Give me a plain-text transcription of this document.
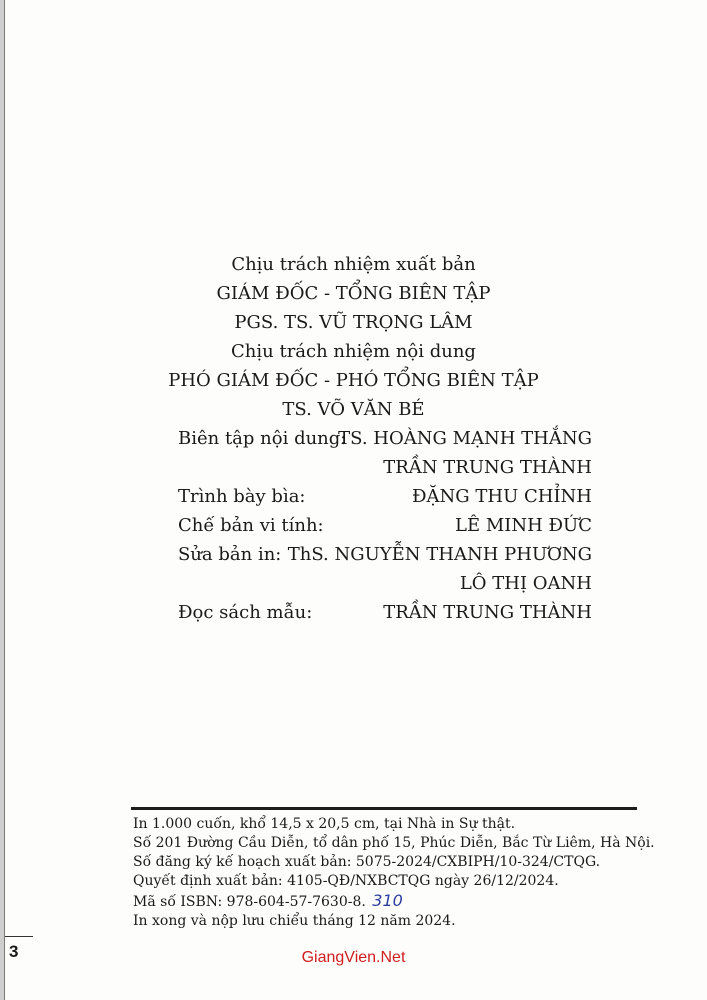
Chịu trách nhiệm xuất bản
GIÁM ĐỐC - TỔNG BIÊN TẬP
PGS. TS. VŨ TRỌNG LÂM
Chịu trách nhiệm nội dung
PHÓ GIÁM ĐỐC - PHÓ TỔNG BIÊN TẬP
TS. VÕ VĂN BÉ
Biên tập nội dung:
TS. HOÀNG MẠNH THẮNG
TRẦN TRUNG THÀNH
Trình bày bìa:	ĐẶNG THU CHỈNH
Chế bản vi tính:	LÊ MINH ĐỨC
Sửa bản in: ThS. NGUYỄN THANH PHƯƠNG
LÔ THỊ OANH
Đọc sách mẫu:	TRẦN TRUNG THÀNH
In 1.000 cuốn, khổ 14,5 x 20,5 cm, tại Nhà in Sự thật.
Số 201 Đường Cầu Diễn, tổ dân phố 15, Phúc Diễn, Bắc Từ Liêm, Hà Nội.
Số đăng ký kế hoạch xuất bản: 5075-2024/CXBIPH/10-324/CTQG.
Quyết định xuất bản: 4105-QĐ/NXBCTQG ngày 26/12/2024.
Mã số ISBN: 978-604-57-7630-8. 310
In xong và nộp lưu chiểu tháng 12 năm 2024.
3	GiangVien.Net
